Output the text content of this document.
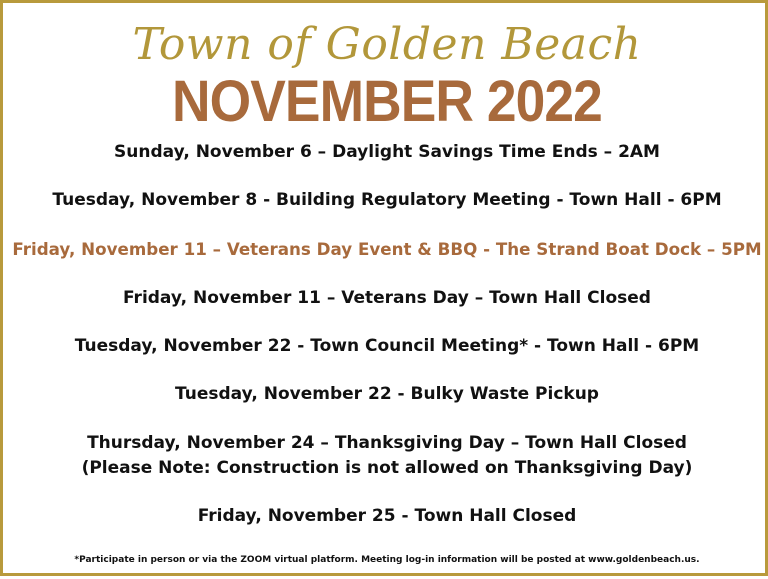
Town of Golden Beach
NOVEMBER 2022
Sunday, November 6 – Daylight Savings Time Ends – 2AM
Tuesday, November 8 - Building Regulatory Meeting - Town Hall - 6PM
Friday, November 11 – Veterans Day Event & BBQ - The Strand Boat Dock – 5PM
Friday, November 11 – Veterans Day – Town Hall Closed
Tuesday, November 22 - Town Council Meeting* - Town Hall - 6PM
Tuesday, November 22 - Bulky Waste Pickup
Thursday, November 24 – Thanksgiving Day – Town Hall Closed
(Please Note: Construction is not allowed on Thanksgiving Day)
Friday, November 25 - Town Hall Closed
*Participate in person or via the ZOOM virtual platform. Meeting log-in information will be posted at www.goldenbeach.us.
